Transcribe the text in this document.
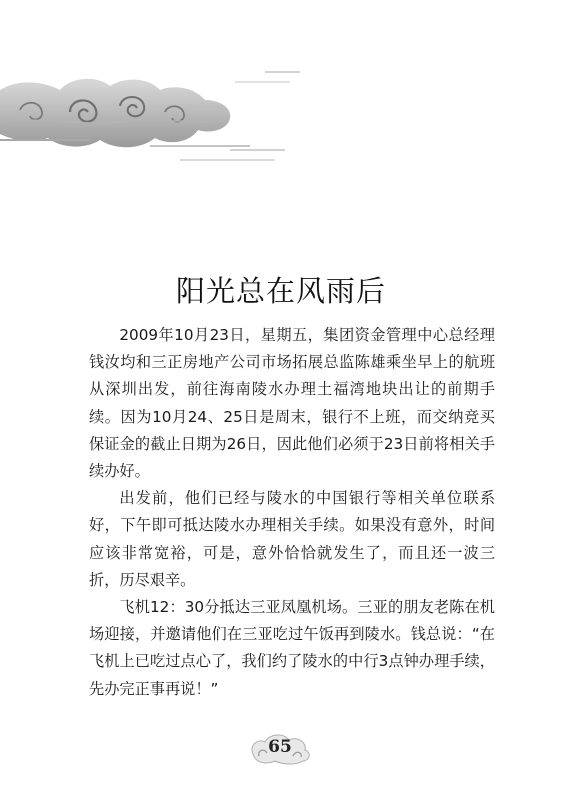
阳光总在风雨后

2009年10月23日，星期五，集团资金管理中心总经理钱汝均和三正房地产公司市场拓展总监陈雄乘坐早上的航班从深圳出发，前往海南陵水办理土福湾地块出让的前期手续。因为10月24、25日是周末，银行不上班，而交纳竞买保证金的截止日期为26日，因此他们必须于23日前将相关手续办好。

出发前，他们已经与陵水的中国银行等相关单位联系好，下午即可抵达陵水办理相关手续。如果没有意外，时间应该非常宽裕，可是，意外恰恰就发生了，而且还一波三折，历尽艰辛。

飞机12：30分抵达三亚凤凰机场。三亚的朋友老陈在机场迎接，并邀请他们在三亚吃过午饭再到陵水。钱总说：“在飞机上已吃过点心了，我们约了陵水的中行3点钟办理手续，先办完正事再说！”

65
